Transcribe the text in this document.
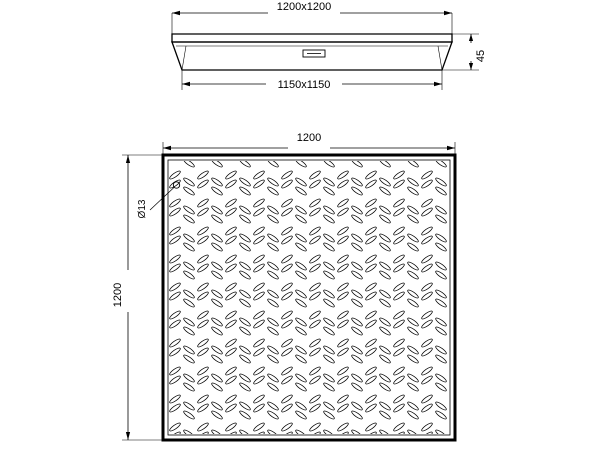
1200x1200
45
1150x1150
1200
1200
Ø13
